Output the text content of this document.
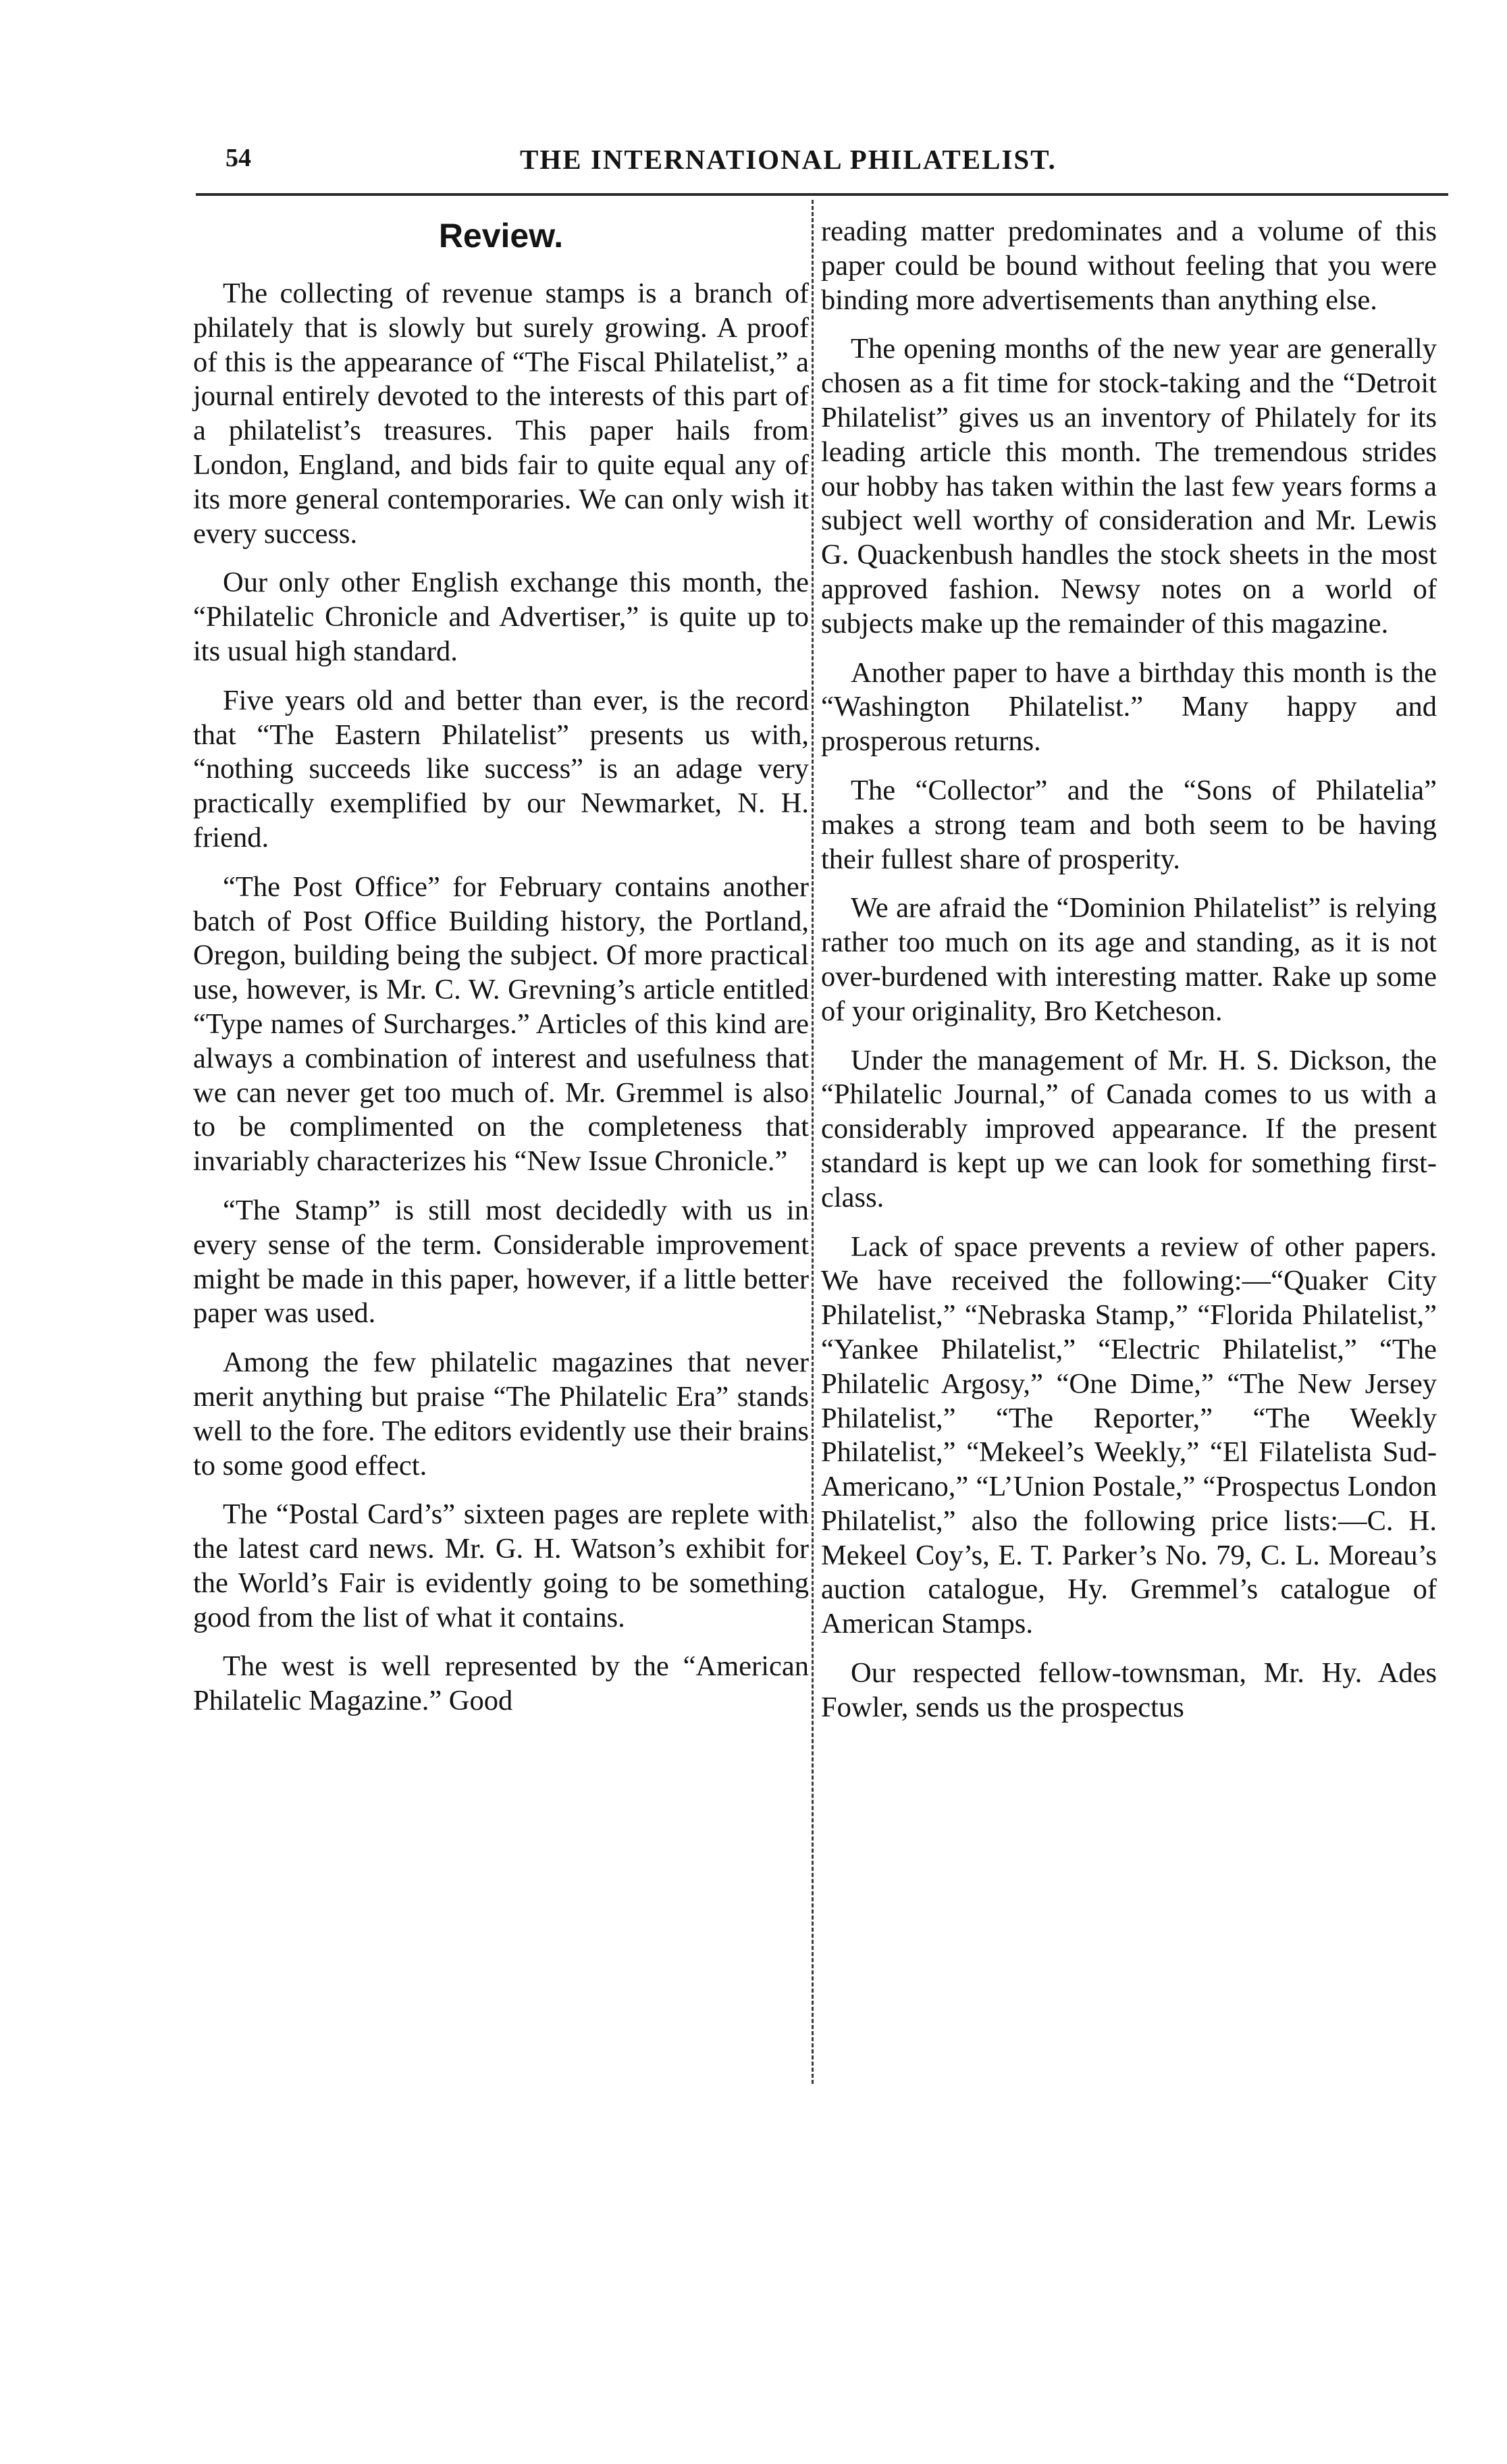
54	THE INTERNATIONAL PHILATELIST.
Review.

The collecting of revenue stamps is a branch of philately that is slowly but surely growing. A proof of this is the appearance of “The Fiscal Philatelist,” a journal entirely devoted to the interests of this part of a philatelist’s treasures. This paper hails from London, England, and bids fair to quite equal any of its more general contemporaries. We can only wish it every success.

Our only other English exchange this month, the “Philatelic Chronicle and Advertiser,” is quite up to its usual high standard.

Five years old and better than ever, is the record that “The Eastern Philatelist” presents us with, “nothing succeeds like success” is an adage very practically exemplified by our Newmarket, N. H. friend.

“The Post Office” for February contains another batch of Post Office Building history, the Portland, Oregon, building being the subject. Of more practical use, however, is Mr. C. W. Grevning’s article entitled “Type names of Surcharges.” Articles of this kind are always a combination of interest and usefulness that we can never get too much of. Mr. Gremmel is also to be complimented on the completeness that invariably characterizes his “New Issue Chronicle.”

“The Stamp” is still most decidedly with us in every sense of the term. Considerable improvement might be made in this paper, however, if a little better paper was used.

Among the few philatelic magazines that never merit anything but praise “The Philatelic Era” stands well to the fore. The editors evidently use their brains to some good effect.

The “Postal Card’s” sixteen pages are replete with the latest card news. Mr. G. H. Watson’s exhibit for the World’s Fair is evidently going to be something good from the list of what it contains.

The west is well represented by the “American Philatelic Magazine.” Good

reading matter predominates and a volume of this paper could be bound without feeling that you were binding more advertisements than anything else.

The opening months of the new year are generally chosen as a fit time for stock-taking and the “Detroit Philatelist” gives us an inventory of Philately for its leading article this month. The tremendous strides our hobby has taken within the last few years forms a subject well worthy of consideration and Mr. Lewis G. Quackenbush handles the stock sheets in the most approved fashion. Newsy notes on a world of subjects make up the remainder of this magazine.

Another paper to have a birthday this month is the “Washington Philatelist.” Many happy and prosperous returns.

The “Collector” and the “Sons of Philatelia” makes a strong team and both seem to be having their fullest share of prosperity.

We are afraid the “Dominion Philatelist” is relying rather too much on its age and standing, as it is not over-burdened with interesting matter. Rake up some of your originality, Bro Ketcheson.

Under the management of Mr. H. S. Dickson, the “Philatelic Journal,” of Canada comes to us with a considerably improved appearance. If the present standard is kept up we can look for something first-class.

Lack of space prevents a review of other papers. We have received the following:—“Quaker City Philatelist,” “Nebraska Stamp,” “Florida Philatelist,” “Yankee Philatelist,” “Electric Philatelist,” “The Philatelic Argosy,” “One Dime,” “The New Jersey Philatelist,” “The Reporter,” “The Weekly Philatelist,” “Mekeel’s Weekly,” “El Filatelista Sud-Americano,” “L’Union Postale,” “Prospectus London Philatelist,” also the following price lists:—C. H. Mekeel Coy’s, E. T. Parker’s No. 79, C. L. Moreau’s auction catalogue, Hy. Gremmel’s catalogue of American Stamps.

Our respected fellow-townsman, Mr. Hy. Ades Fowler, sends us the prospectus
